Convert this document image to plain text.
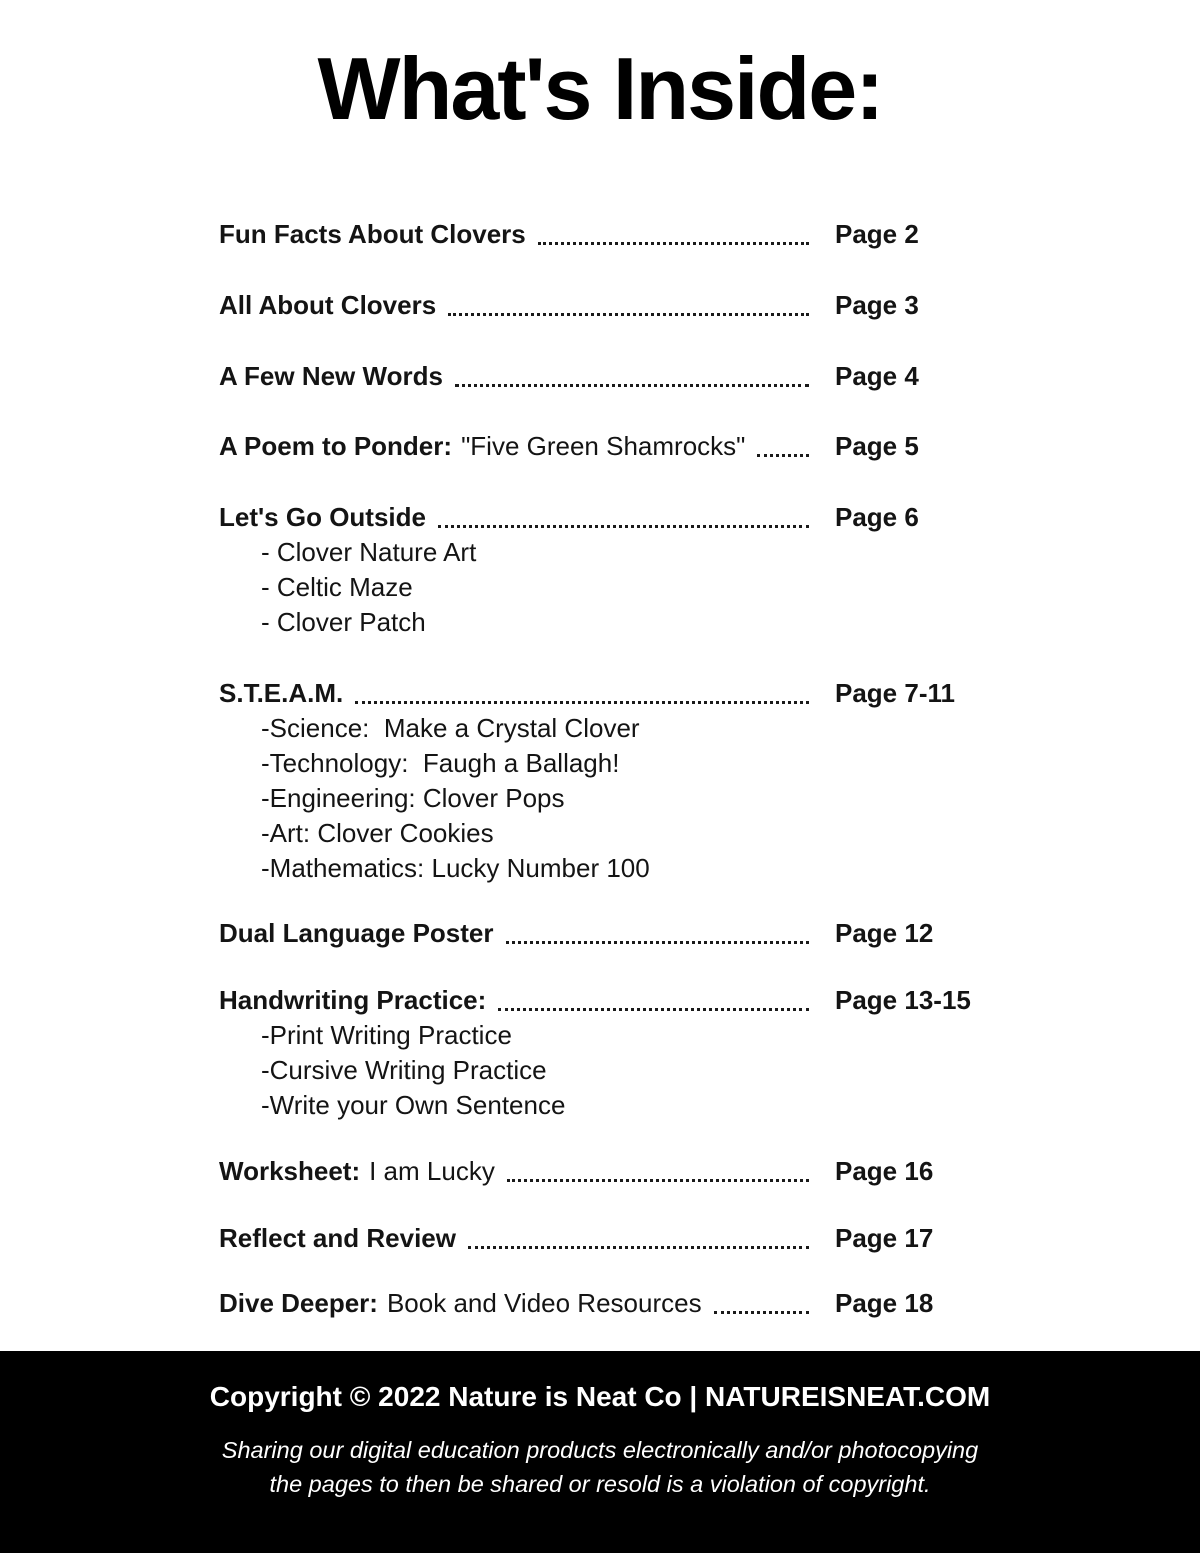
What's Inside:
Fun Facts About Clovers	Page 2
All About Clovers	Page 3
A Few New Words	Page 4
A Poem to Ponder: "Five Green Shamrocks"	Page 5
Let's Go Outside	Page 6
- Clover Nature Art
- Celtic Maze
- Clover Patch
S.T.E.A.M.	Page 7-11
-Science:  Make a Crystal Clover
-Technology:  Faugh a Ballagh!
-Engineering: Clover Pops
-Art: Clover Cookies
-Mathematics: Lucky Number 100
Dual Language Poster	Page 12
Handwriting Practice:	Page 13-15
-Print Writing Practice
-Cursive Writing Practice
-Write your Own Sentence
Worksheet: I am Lucky	Page 16
Reflect and Review	Page 17
Dive Deeper: Book and Video Resources	Page 18
Copyright © 2022 Nature is Neat Co | NATUREISNEAT.COM
Sharing our digital education products electronically and/or photocopying
the pages to then be shared or resold is a violation of copyright.
